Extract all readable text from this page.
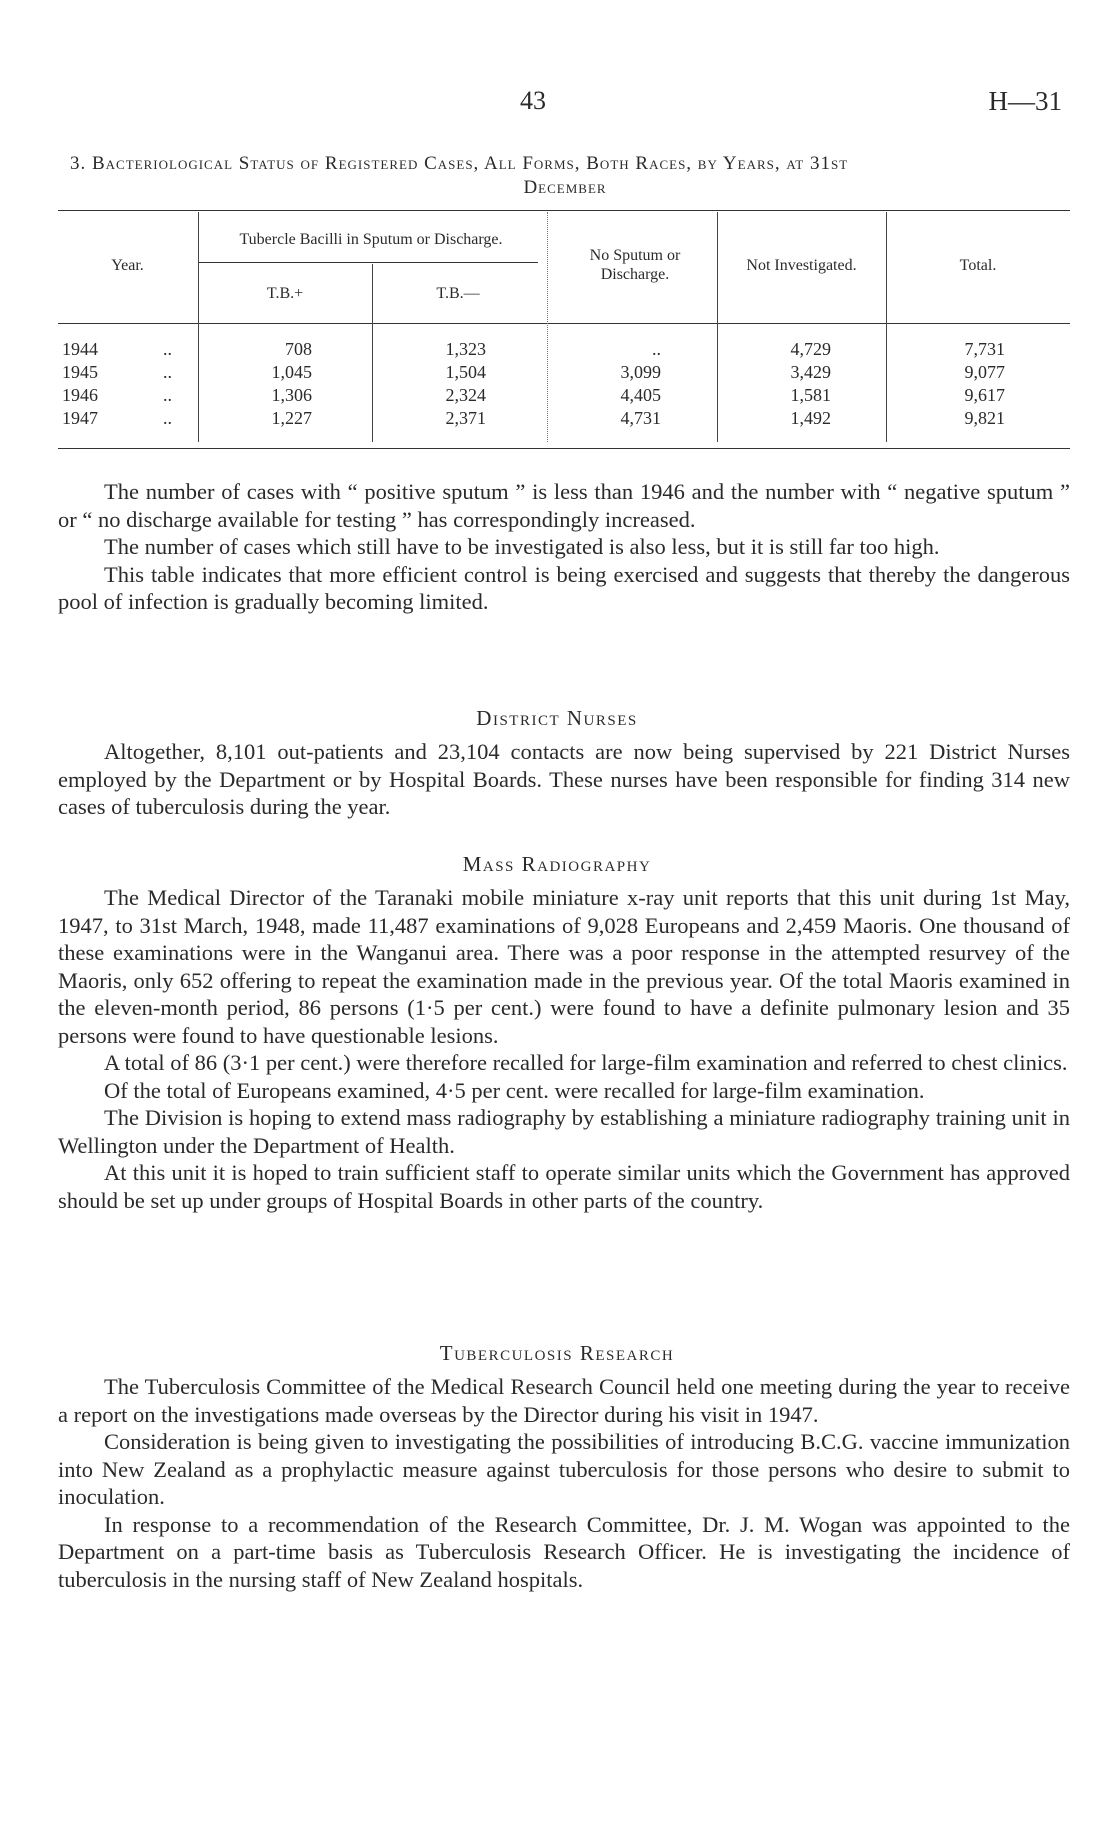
43	H—31
3. Bacteriological Status of Registered Cases, All Forms, Both Races, by Years, at 31st
December
Year.
Tubercle Bacilli in Sputum or Discharge.
T.B.+	T.B.—
No Sputum or Discharge.
Not Investigated.	Total.
1944	..	708	1,323	..	4,729	7,731
1945	..	1,045	1,504	3,099	3,429	9,077
1946	..	1,306	2,324	4,405	1,581	9,617
1947	..	1,227	2,371	4,731	1,492	9,821

The number of cases with “ positive sputum ” is less than 1946 and the number with “ negative sputum ” or “ no discharge available for testing ” has correspondingly increased.

The number of cases which still have to be investigated is also less, but it is still far too high.

This table indicates that more efficient control is being exercised and suggests that thereby the dangerous pool of infection is gradually becoming limited.

District Nurses

Altogether, 8,101 out-patients and 23,104 contacts are now being supervised by 221 District Nurses employed by the Department or by Hospital Boards. These nurses have been responsible for finding 314 new cases of tuberculosis during the year.

Mass Radiography

The Medical Director of the Taranaki mobile miniature x-ray unit reports that this unit during 1st May, 1947, to 31st March, 1948, made 11,487 examinations of 9,028 Europeans and 2,459 Maoris. One thousand of these examinations were in the Wanganui area. There was a poor response in the attempted resurvey of the Maoris, only 652 offering to repeat the examination made in the previous year. Of the total Maoris examined in the eleven-month period, 86 persons (1·5 per cent.) were found to have a definite pulmonary lesion and 35 persons were found to have questionable lesions.

A total of 86 (3·1 per cent.) were therefore recalled for large-film examination and referred to chest clinics.

Of the total of Europeans examined, 4·5 per cent. were recalled for large-film examination.

The Division is hoping to extend mass radiography by establishing a miniature radiography training unit in Wellington under the Department of Health.

At this unit it is hoped to train sufficient staff to operate similar units which the Government has approved should be set up under groups of Hospital Boards in other parts of the country.

Tuberculosis Research

The Tuberculosis Committee of the Medical Research Council held one meeting during the year to receive a report on the investigations made overseas by the Director during his visit in 1947.

Consideration is being given to investigating the possibilities of introducing B.C.G. vaccine immunization into New Zealand as a prophylactic measure against tuberculosis for those persons who desire to submit to inoculation.

In response to a recommendation of the Research Committee, Dr. J. M. Wogan was appointed to the Department on a part-time basis as Tuberculosis Research Officer. He is investigating the incidence of tuberculosis in the nursing staff of New Zealand hospitals.
